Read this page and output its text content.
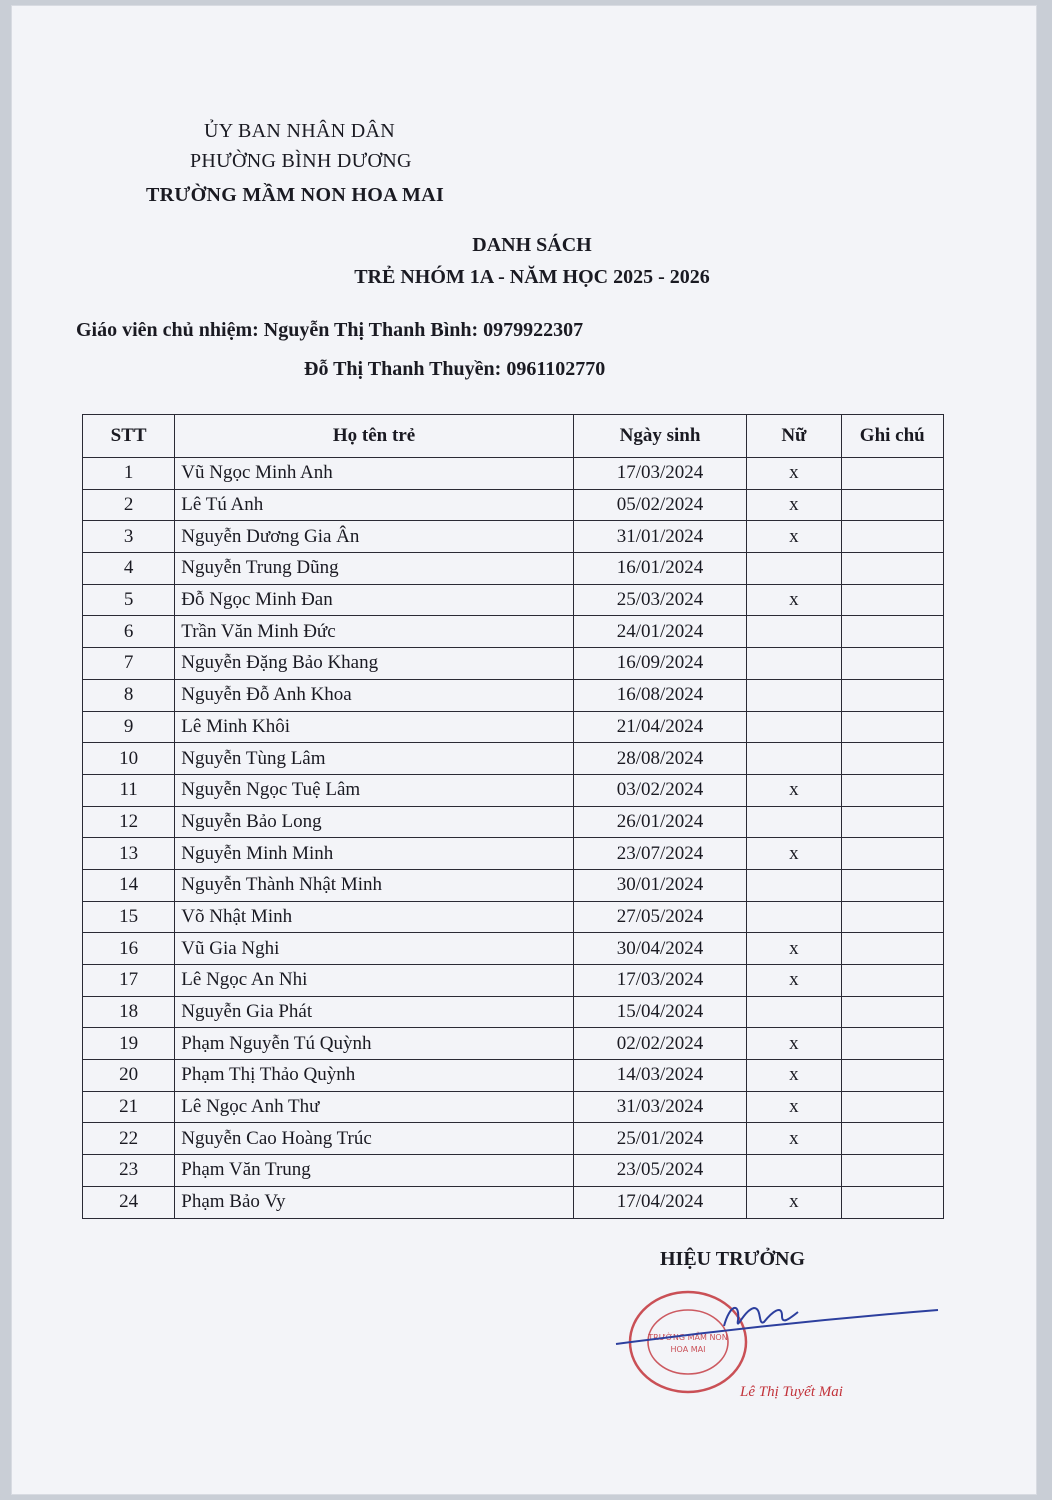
ỦY BAN NHÂN DÂN
PHƯỜNG BÌNH DƯƠNG
TRƯỜNG MẦM NON HOA MAI
DANH SÁCH
TRẺ NHÓM 1A - NĂM HỌC 2025 - 2026
Giáo viên chủ nhiệm: Nguyễn Thị Thanh Bình: 0979922307
Đỗ Thị Thanh Thuyền: 0961102770
STT	Họ tên trẻ	Ngày sinh	Nữ	Ghi chú
1	Vũ Ngọc Minh Anh	17/03/2024	x	
2	Lê Tú Anh	05/02/2024	x	
3	Nguyễn Dương Gia Ân	31/01/2024	x	
4	Nguyễn Trung Dũng	16/01/2024		
5	Đỗ Ngọc Minh Đan	25/03/2024	x	
6	Trần Văn Minh Đức	24/01/2024		
7	Nguyễn Đặng Bảo Khang	16/09/2024		
8	Nguyễn Đỗ Anh Khoa	16/08/2024		
9	Lê Minh Khôi	21/04/2024		
10	Nguyễn Tùng Lâm	28/08/2024		
11	Nguyễn Ngọc Tuệ Lâm	03/02/2024	x	
12	Nguyễn Bảo Long	26/01/2024		
13	Nguyễn Minh Minh	23/07/2024	x	
14	Nguyễn Thành Nhật Minh	30/01/2024		
15	Võ Nhật Minh	27/05/2024		
16	Vũ Gia Nghi	30/04/2024	x	
17	Lê Ngọc An Nhi	17/03/2024	x	
18	Nguyễn Gia Phát	15/04/2024		
19	Phạm Nguyễn Tú Quỳnh	02/02/2024	x	
20	Phạm Thị Thảo Quỳnh	14/03/2024	x	
21	Lê Ngọc Anh Thư	31/03/2024	x	
22	Nguyễn Cao Hoàng Trúc	25/01/2024	x	
23	Phạm Văn Trung	23/05/2024		
24	Phạm Bảo Vy	17/04/2024	x	
HIỆU TRƯỞNG
TRƯỜNG MẦM NON
HOA MAI
Lê Thị Tuyết Mai
